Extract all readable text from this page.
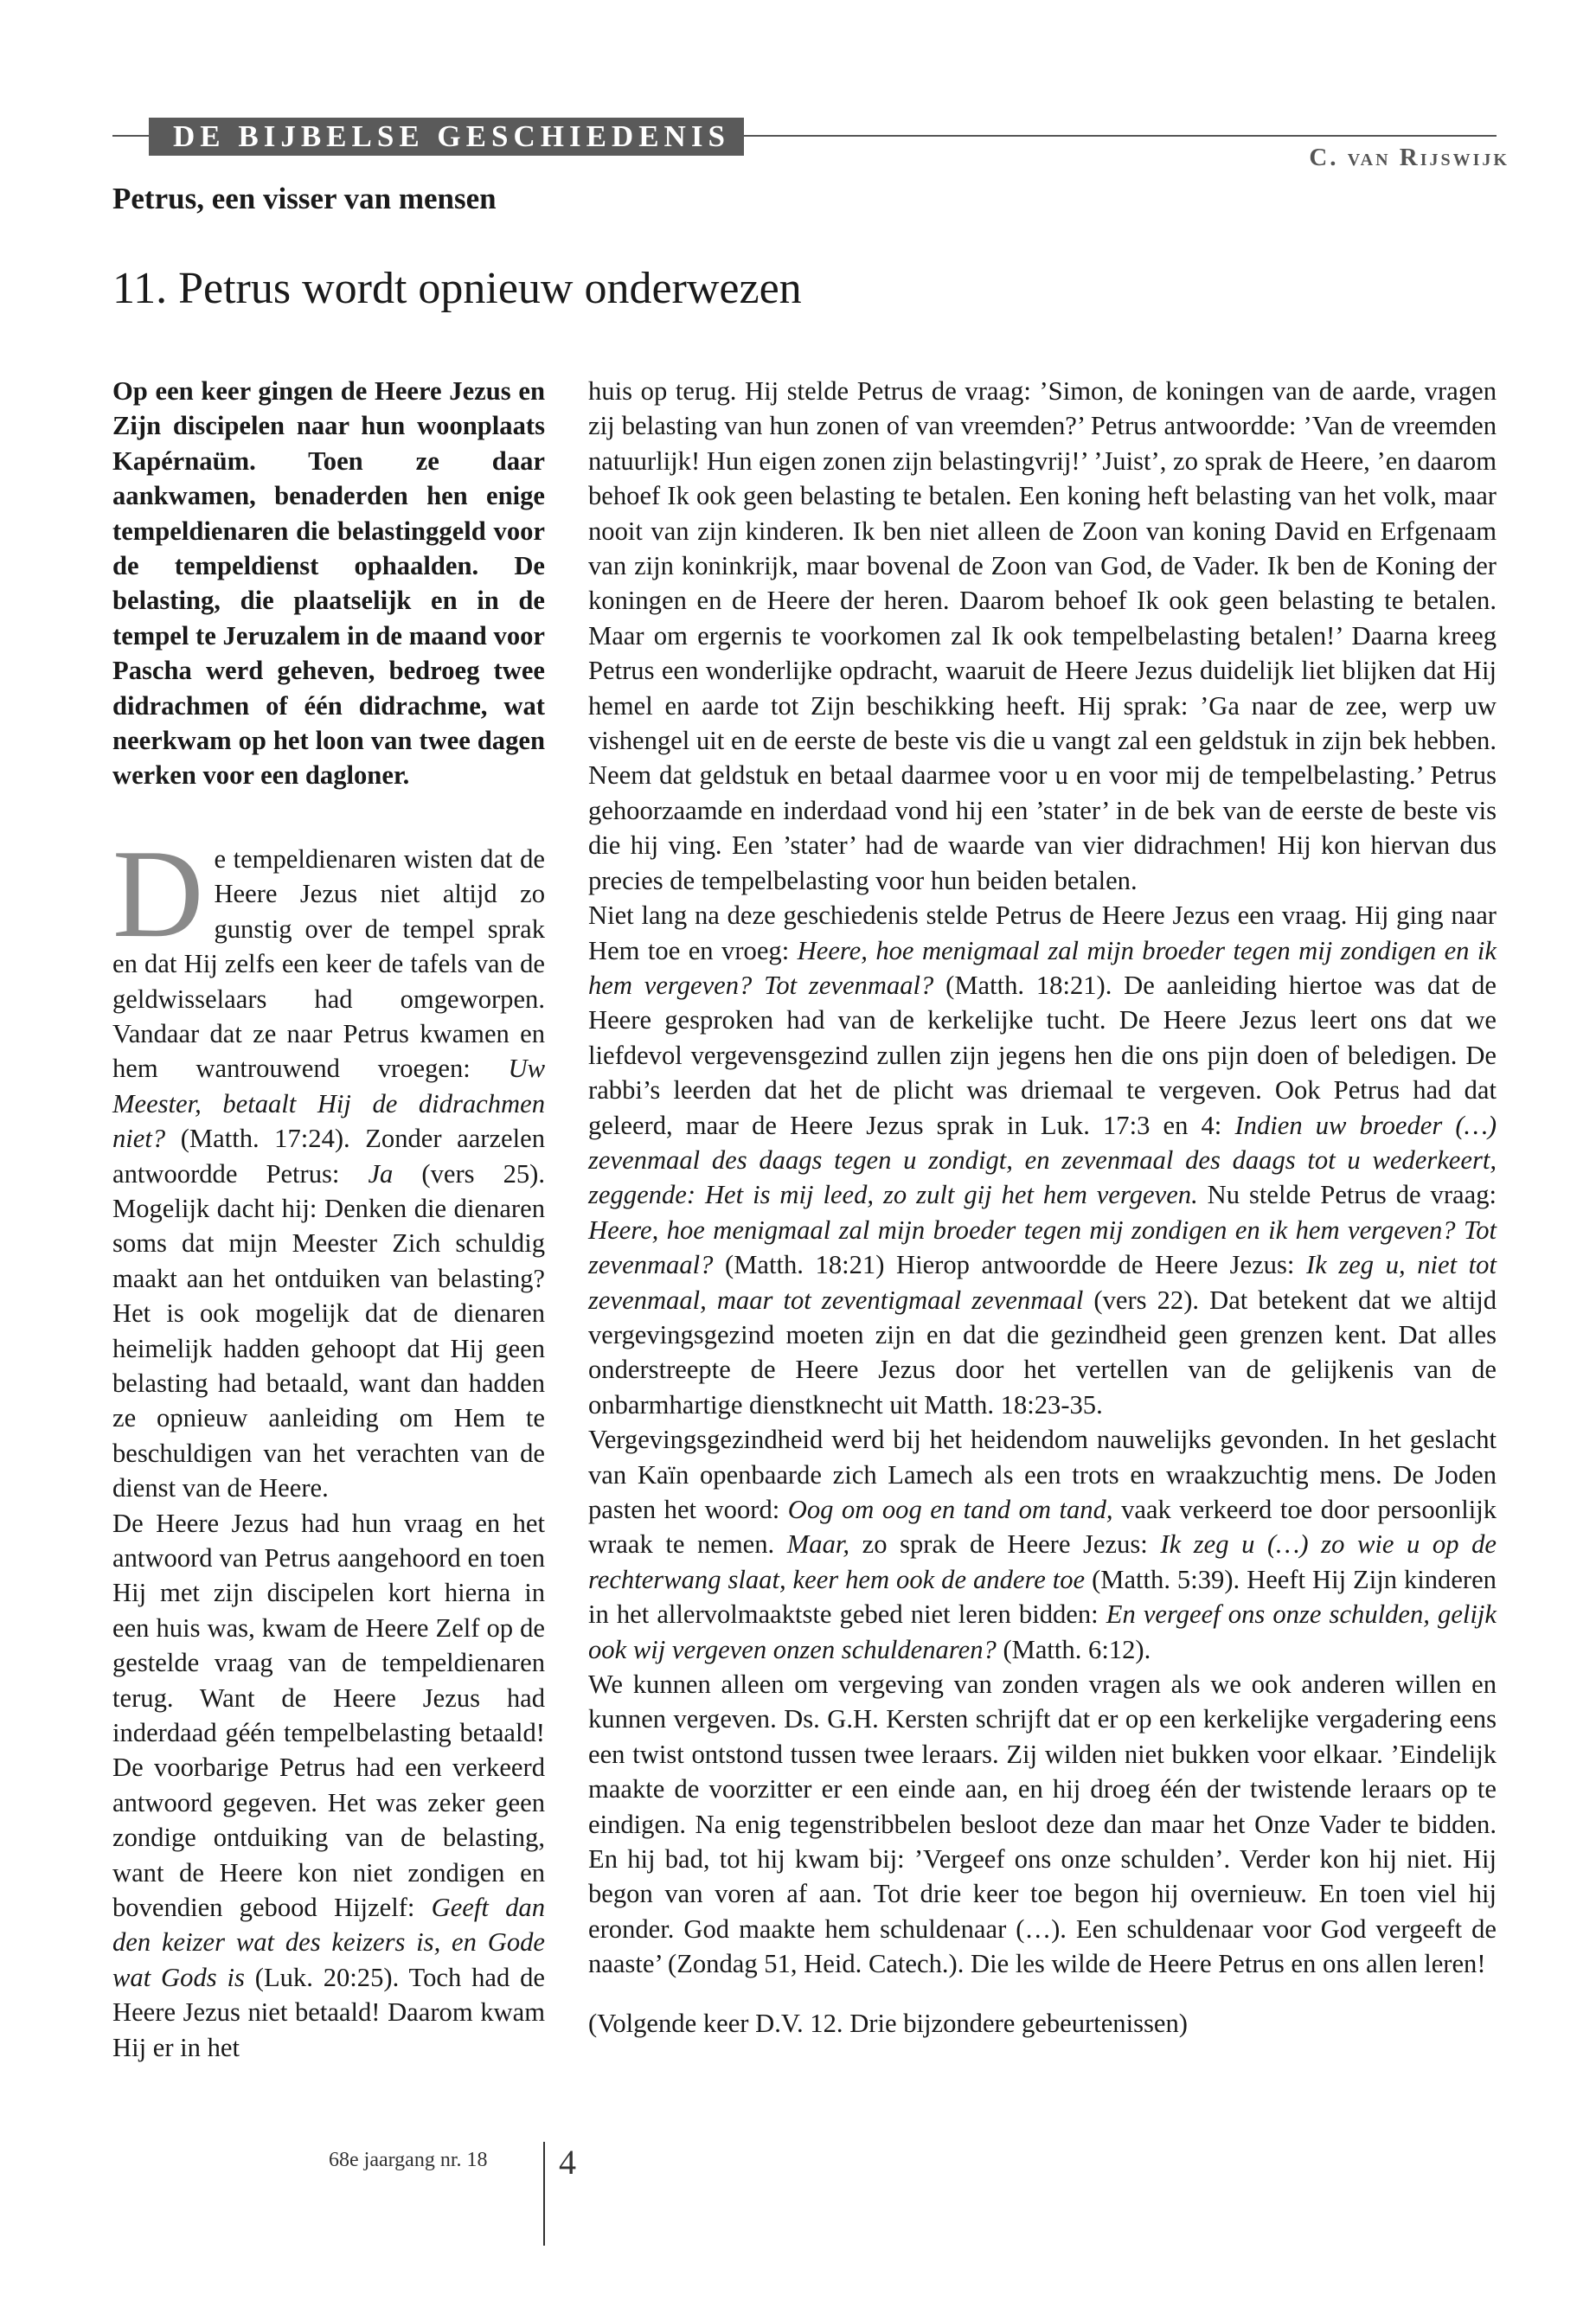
DE BIJBELSE GESCHIEDENIS
C. van Rijswijk
Petrus, een visser van mensen
11. Petrus wordt opnieuw onderwezen

Op een keer gingen de Heere Jezus en Zijn discipelen naar hun woonplaats Kapérnaüm. Toen ze daar aankwamen, benaderden hen enige tempeldienaren die belastinggeld voor de tempeldienst ophaalden. De belasting, die plaatselijk en in de tempel te Jeruzalem in de maand voor Pascha werd geheven, bedroeg twee didrachmen of één didrachme, wat neerkwam op het loon van twee dagen werken voor een dagloner.

De tempeldienaren wisten dat de Heere Jezus niet altijd zo gunstig over de tempel sprak en dat Hij zelfs een keer de tafels van de geldwisselaars had omgeworpen. Vandaar dat ze naar Petrus kwamen en hem wantrouwend vroegen: Uw Meester, betaalt Hij de didrachmen niet? (Matth. 17:24). Zonder aarzelen antwoordde Petrus: Ja (vers 25). Mogelijk dacht hij: Denken die dienaren soms dat mijn Meester Zich schuldig maakt aan het ontduiken van belasting? Het is ook mogelijk dat de dienaren heimelijk hadden gehoopt dat Hij geen belasting had betaald, want dan hadden ze opnieuw aanleiding om Hem te beschuldigen van het verachten van de dienst van de Heere.

De Heere Jezus had hun vraag en het antwoord van Petrus aangehoord en toen Hij met zijn discipelen kort hierna in een huis was, kwam de Heere Zelf op de gestelde vraag van de tempeldienaren terug. Want de Heere Jezus had inderdaad géén tempelbelasting betaald! De voorbarige Petrus had een verkeerd antwoord gegeven. Het was zeker geen zondige ontduiking van de belasting, want de Heere kon niet zondigen en bovendien gebood Hijzelf: Geeft dan den keizer wat des keizers is, en Gode wat Gods is (Luk. 20:25). Toch had de Heere Jezus niet betaald! Daarom kwam Hij er in het

huis op terug. Hij stelde Petrus de vraag: ’Simon, de koningen van de aarde, vragen zij belasting van hun zonen of van vreemden?’ Petrus antwoordde: ’Van de vreemden natuurlijk! Hun eigen zonen zijn belastingvrij!’ ’Juist’, zo sprak de Heere, ’en daarom behoef Ik ook geen belasting te betalen. Een koning heft belasting van het volk, maar nooit van zijn kinderen. Ik ben niet alleen de Zoon van koning David en Erfgenaam van zijn koninkrijk, maar bovenal de Zoon van God, de Vader. Ik ben de Koning der koningen en de Heere der heren. Daarom behoef Ik ook geen belasting te betalen. Maar om ergernis te voorkomen zal Ik ook tempelbelasting betalen!’ Daarna kreeg Petrus een wonderlijke opdracht, waaruit de Heere Jezus duidelijk liet blijken dat Hij hemel en aarde tot Zijn beschikking heeft. Hij sprak: ’Ga naar de zee, werp uw vishengel uit en de eerste de beste vis die u vangt zal een geldstuk in zijn bek hebben. Neem dat geldstuk en betaal daarmee voor u en voor mij de tempelbelasting.’ Petrus gehoorzaamde en inderdaad vond hij een ’stater’ in de bek van de eerste de beste vis die hij ving. Een ’stater’ had de waarde van vier didrachmen! Hij kon hiervan dus precies de tempelbelasting voor hun beiden betalen.

Niet lang na deze geschiedenis stelde Petrus de Heere Jezus een vraag. Hij ging naar Hem toe en vroeg: Heere, hoe menigmaal zal mijn broeder tegen mij zondigen en ik hem vergeven? Tot zevenmaal? (Matth. 18:21). De aanleiding hiertoe was dat de Heere gesproken had van de kerkelijke tucht. De Heere Jezus leert ons dat we liefdevol vergevensgezind zullen zijn jegens hen die ons pijn doen of beledigen. De rabbi’s leerden dat het de plicht was driemaal te vergeven. Ook Petrus had dat geleerd, maar de Heere Jezus sprak in Luk. 17:3 en 4: Indien uw broeder (…) zevenmaal des daags tegen u zondigt, en zevenmaal des daags tot u wederkeert, zeggende: Het is mij leed, zo zult gij het hem vergeven. Nu stelde Petrus de vraag: Heere, hoe menigmaal zal mijn broeder tegen mij zondigen en ik hem vergeven? Tot zevenmaal? (Matth. 18:21) Hierop antwoordde de Heere Jezus: Ik zeg u, niet tot zevenmaal, maar tot zeventigmaal zevenmaal (vers 22). Dat betekent dat we altijd vergevingsgezind moeten zijn en dat die gezindheid geen grenzen kent. Dat alles onderstreepte de Heere Jezus door het vertellen van de gelijkenis van de onbarmhartige dienstknecht uit Matth. 18:23-35.

Vergevingsgezindheid werd bij het heidendom nauwelijks gevonden. In het geslacht van Kaïn openbaarde zich Lamech als een trots en wraakzuchtig mens. De Joden pasten het woord: Oog om oog en tand om tand, vaak verkeerd toe door persoonlijk wraak te nemen. Maar, zo sprak de Heere Jezus: Ik zeg u (…) zo wie u op de rechterwang slaat, keer hem ook de andere toe (Matth. 5:39). Heeft Hij Zijn kinderen in het allervolmaaktste gebed niet leren bidden: En vergeef ons onze schulden, gelijk ook wij vergeven onzen schuldenaren? (Matth. 6:12).

We kunnen alleen om vergeving van zonden vragen als we ook anderen willen en kunnen vergeven. Ds. G.H. Kersten schrijft dat er op een kerkelijke vergadering eens een twist ontstond tussen twee leraars. Zij wilden niet bukken voor elkaar. ’Eindelijk maakte de voorzitter er een einde aan, en hij droeg één der twistende leraars op te eindigen. Na enig tegenstribbelen besloot deze dan maar het Onze Vader te bidden. En hij bad, tot hij kwam bij: ’Vergeef ons onze schulden’. Verder kon hij niet. Hij begon van voren af aan. Tot drie keer toe begon hij overnieuw. En toen viel hij eronder. God maakte hem schuldenaar (…). Een schuldenaar voor God vergeeft de naaste’ (Zondag 51, Heid. Catech.). Die les wilde de Heere Petrus en ons allen leren!

(Volgende keer D.V. 12. Drie bijzondere gebeurtenissen)

68e jaargang nr. 18 4
